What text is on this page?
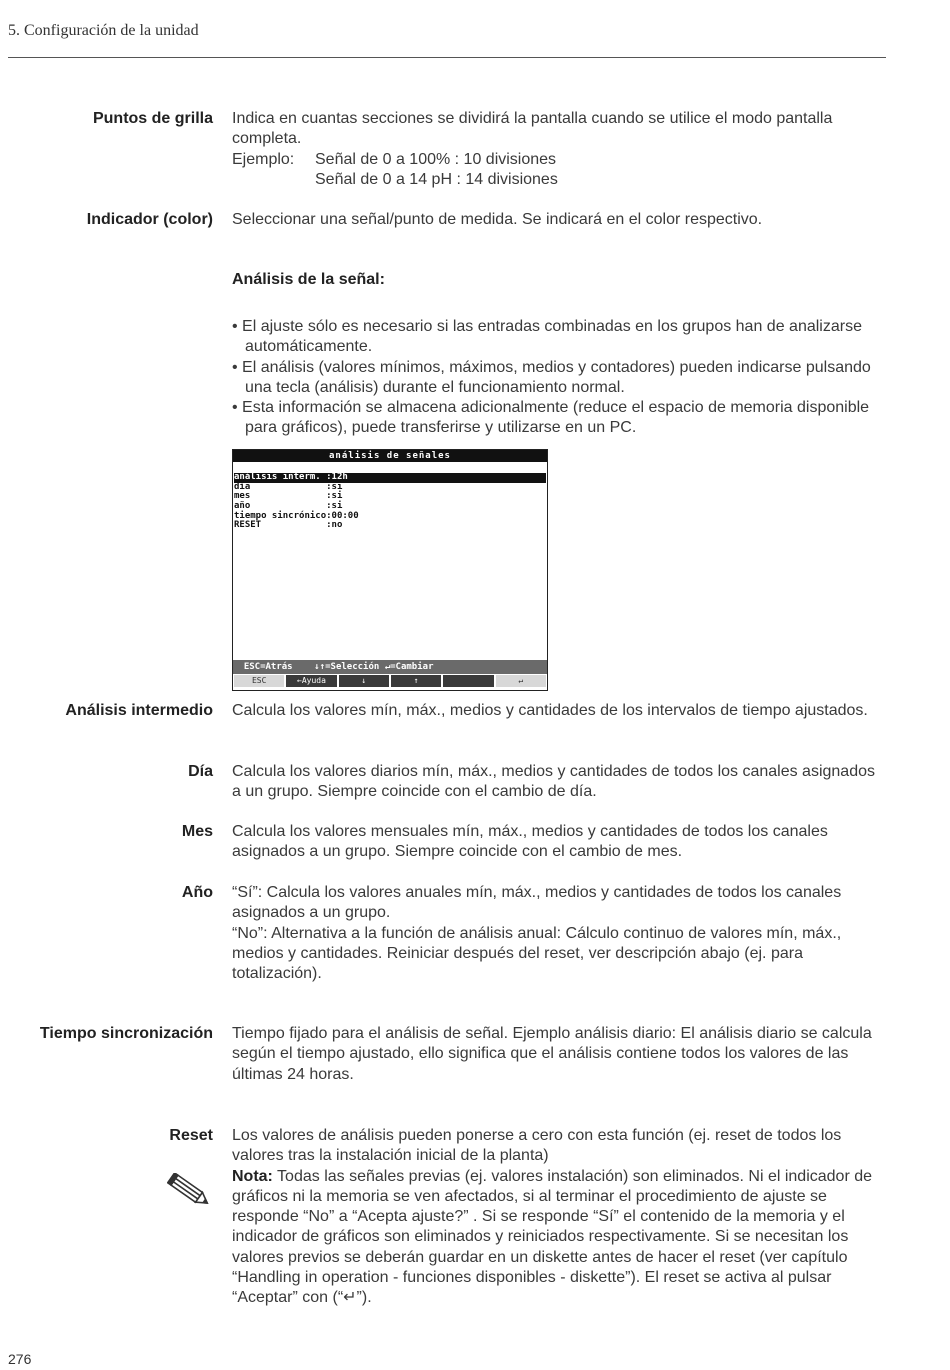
5. Configuración de la unidad
Puntos de grilla Indica en cuantas secciones se dividirá la pantalla cuando se utilice el modo pantalla completa.

Ejemplo: Señal de 0 a 100% : 10 divisiones

Señal de 0 a 14 pH : 14 divisiones

Indicador (color) Seleccionar una señal/punto de medida. Se indicará en el color respectivo.
Análisis de la señal:

• El ajuste sólo es necesario si las entradas combinadas en los grupos han de analizarse automáticamente.

• El análisis (valores mínimos, máximos, medios y contadores) pueden indicarse pulsando una tecla (análisis) durante el funcionamiento normal.

• Esta información se almacena adicionalmente (reduce el espacio de memoria disponible para gráficos), puede transferirse y utilizarse en un PC.

análisis de señales
análisis interm. :12h
día              :si
mes              :si
año              :si
tiempo sincrónico:00:00
RESET            :no
ESC=Atrás    ↓↑=Selección ↵=Cambiar
ESC	←Ayuda	↓	↑	↵
Análisis intermedio Calcula los valores mín, máx., medios y cantidades de los intervalos de tiempo ajustados.
Día Calcula los valores diarios mín, máx., medios y cantidades de todos los canales asignados a un grupo. Siempre coincide con el cambio de día.
Mes Calcula los valores mensuales mín, máx., medios y cantidades de todos los canales asignados a un grupo. Siempre coincide con el cambio de mes.
Año “Sí”: Calcula los valores anuales mín, máx., medios y cantidades de todos los canales asignados a un grupo.

“No”: Alternativa a la función de análisis anual: Cálculo continuo de valores mín, máx., medios y cantidades. Reiniciar después del reset, ver descripción abajo (ej. para totalización).

Tiempo sincronización Tiempo fijado para el análisis de señal. Ejemplo análisis diario: El análisis diario se calcula según el tiempo ajustado, ello significa que el análisis contiene todos los valores de las últimas 24 horas.
Reset Los valores de análisis pueden ponerse a cero con esta función (ej. reset de todos los valores tras la instalación inicial de la planta)

Nota: Todas las señales previas (ej. valores instalación) son eliminados. Ni el indicador de gráficos ni la memoria se ven afectados, si al terminar el procedimiento de ajuste se responde “No” a “Acepta ajuste?” . Si se responde “Sí” el contenido de la memoria y el indicador de gráficos son eliminados y reiniciados respectivamente. Si se necesitan los valores previos se deberán guardar en un diskette antes de hacer el reset (ver capítulo “Handling in operation - funciones disponibles - diskette”). El reset se activa al pulsar “Aceptar” con (“↵”).

276
